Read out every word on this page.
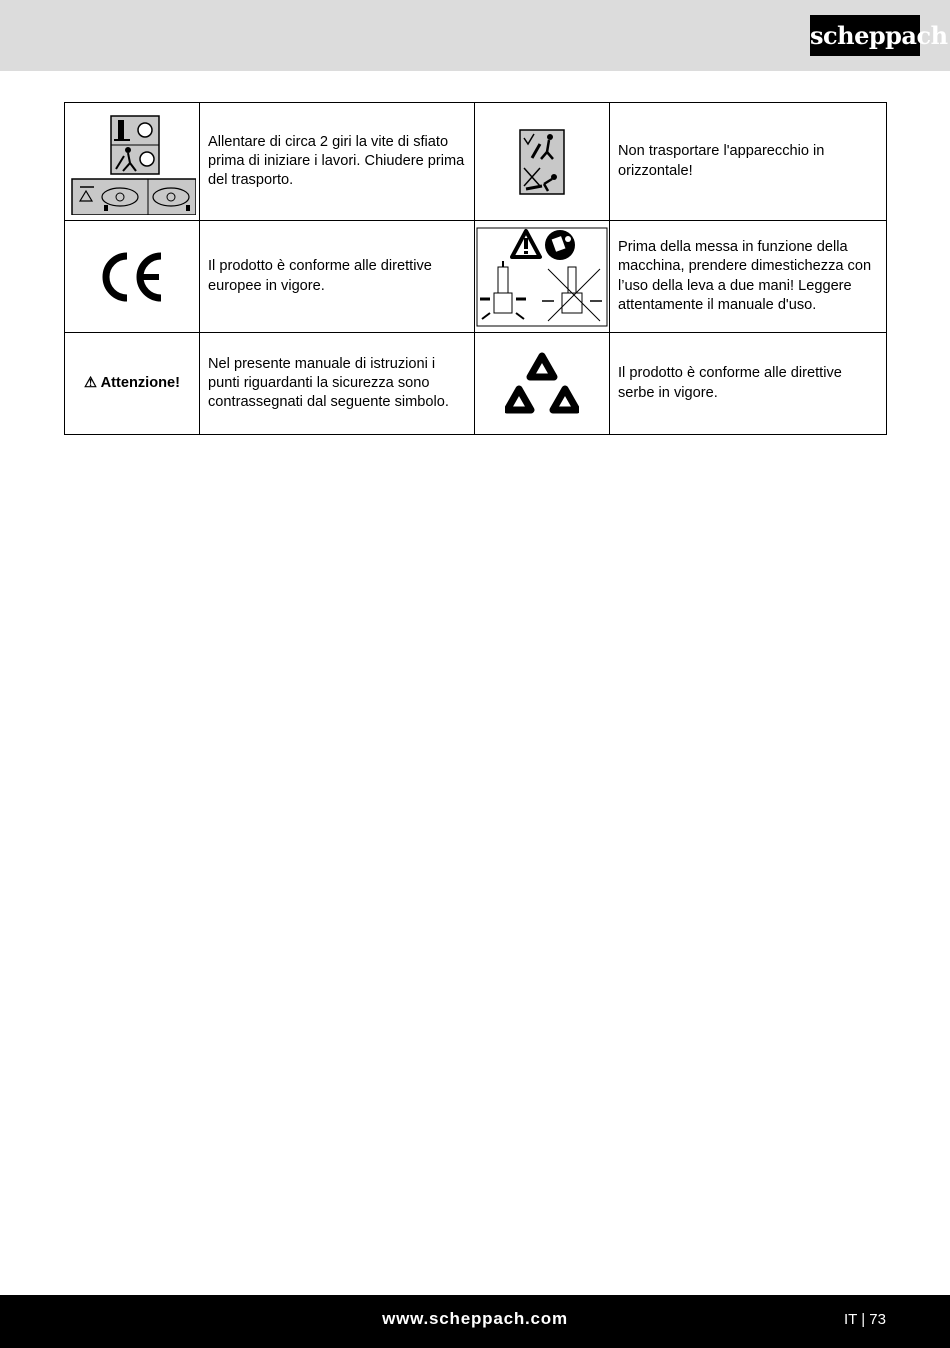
scheppach
	Allentare di circa 2 giri la vite di sfiato prima di iniziare i lavori. Chiudere prima del trasporto.		Non trasportare l'apparecchio in orizzontale!

	Il prodotto è conforme alle direttive europee in vigore.		Prima della messa in funzione della macchina, prendere dimestichezza con l’uso della leva a due mani! Leggere attentamente il manuale d'uso.
⚠ Attenzione!	Nel presente manuale di istruzioni i punti riguardanti la sicurezza sono contrassegnati dal seguente simbolo.		Il prodotto è conforme alle direttive serbe in vigore.
www.scheppach.com	IT | 73
